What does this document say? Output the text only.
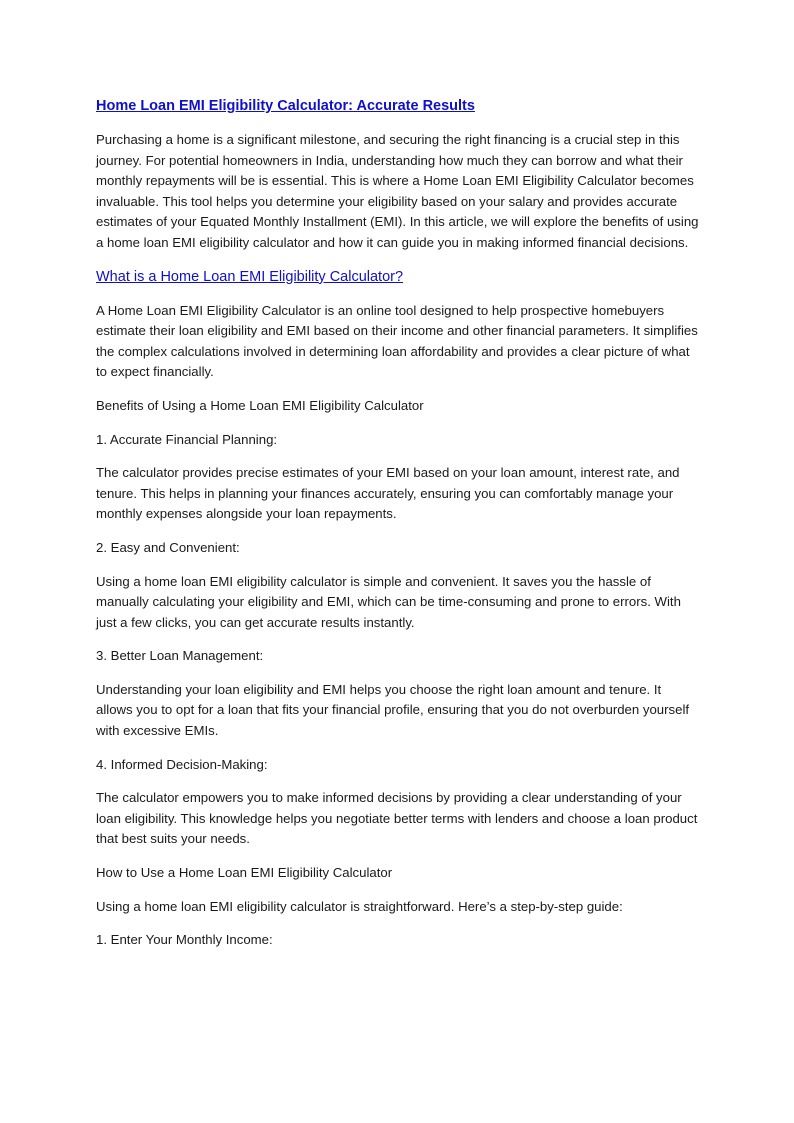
Home Loan EMI Eligibility Calculator: Accurate Results

Purchasing a home is a significant milestone, and securing the right financing is a crucial step in this journey. For potential homeowners in India, understanding how much they can borrow and what their monthly repayments will be is essential. This is where a Home Loan EMI Eligibility Calculator becomes invaluable. This tool helps you determine your eligibility based on your salary and provides accurate estimates of your Equated Monthly Installment (EMI). In this article, we will explore the benefits of using a home loan EMI eligibility calculator and how it can guide you in making informed financial decisions.

What is a Home Loan EMI Eligibility Calculator?

A Home Loan EMI Eligibility Calculator is an online tool designed to help prospective homebuyers estimate their loan eligibility and EMI based on their income and other financial parameters. It simplifies the complex calculations involved in determining loan affordability and provides a clear picture of what to expect financially.

Benefits of Using a Home Loan EMI Eligibility Calculator

1. Accurate Financial Planning:

The calculator provides precise estimates of your EMI based on your loan amount, interest rate, and tenure. This helps in planning your finances accurately, ensuring you can comfortably manage your monthly expenses alongside your loan repayments.

2. Easy and Convenient:

Using a home loan EMI eligibility calculator is simple and convenient. It saves you the hassle of manually calculating your eligibility and EMI, which can be time-consuming and prone to errors. With just a few clicks, you can get accurate results instantly.

3. Better Loan Management:

Understanding your loan eligibility and EMI helps you choose the right loan amount and tenure. It allows you to opt for a loan that fits your financial profile, ensuring that you do not overburden yourself with excessive EMIs.

4. Informed Decision-Making:

The calculator empowers you to make informed decisions by providing a clear understanding of your loan eligibility. This knowledge helps you negotiate better terms with lenders and choose a loan product that best suits your needs.

How to Use a Home Loan EMI Eligibility Calculator

Using a home loan EMI eligibility calculator is straightforward. Here’s a step-by-step guide:

1. Enter Your Monthly Income:
